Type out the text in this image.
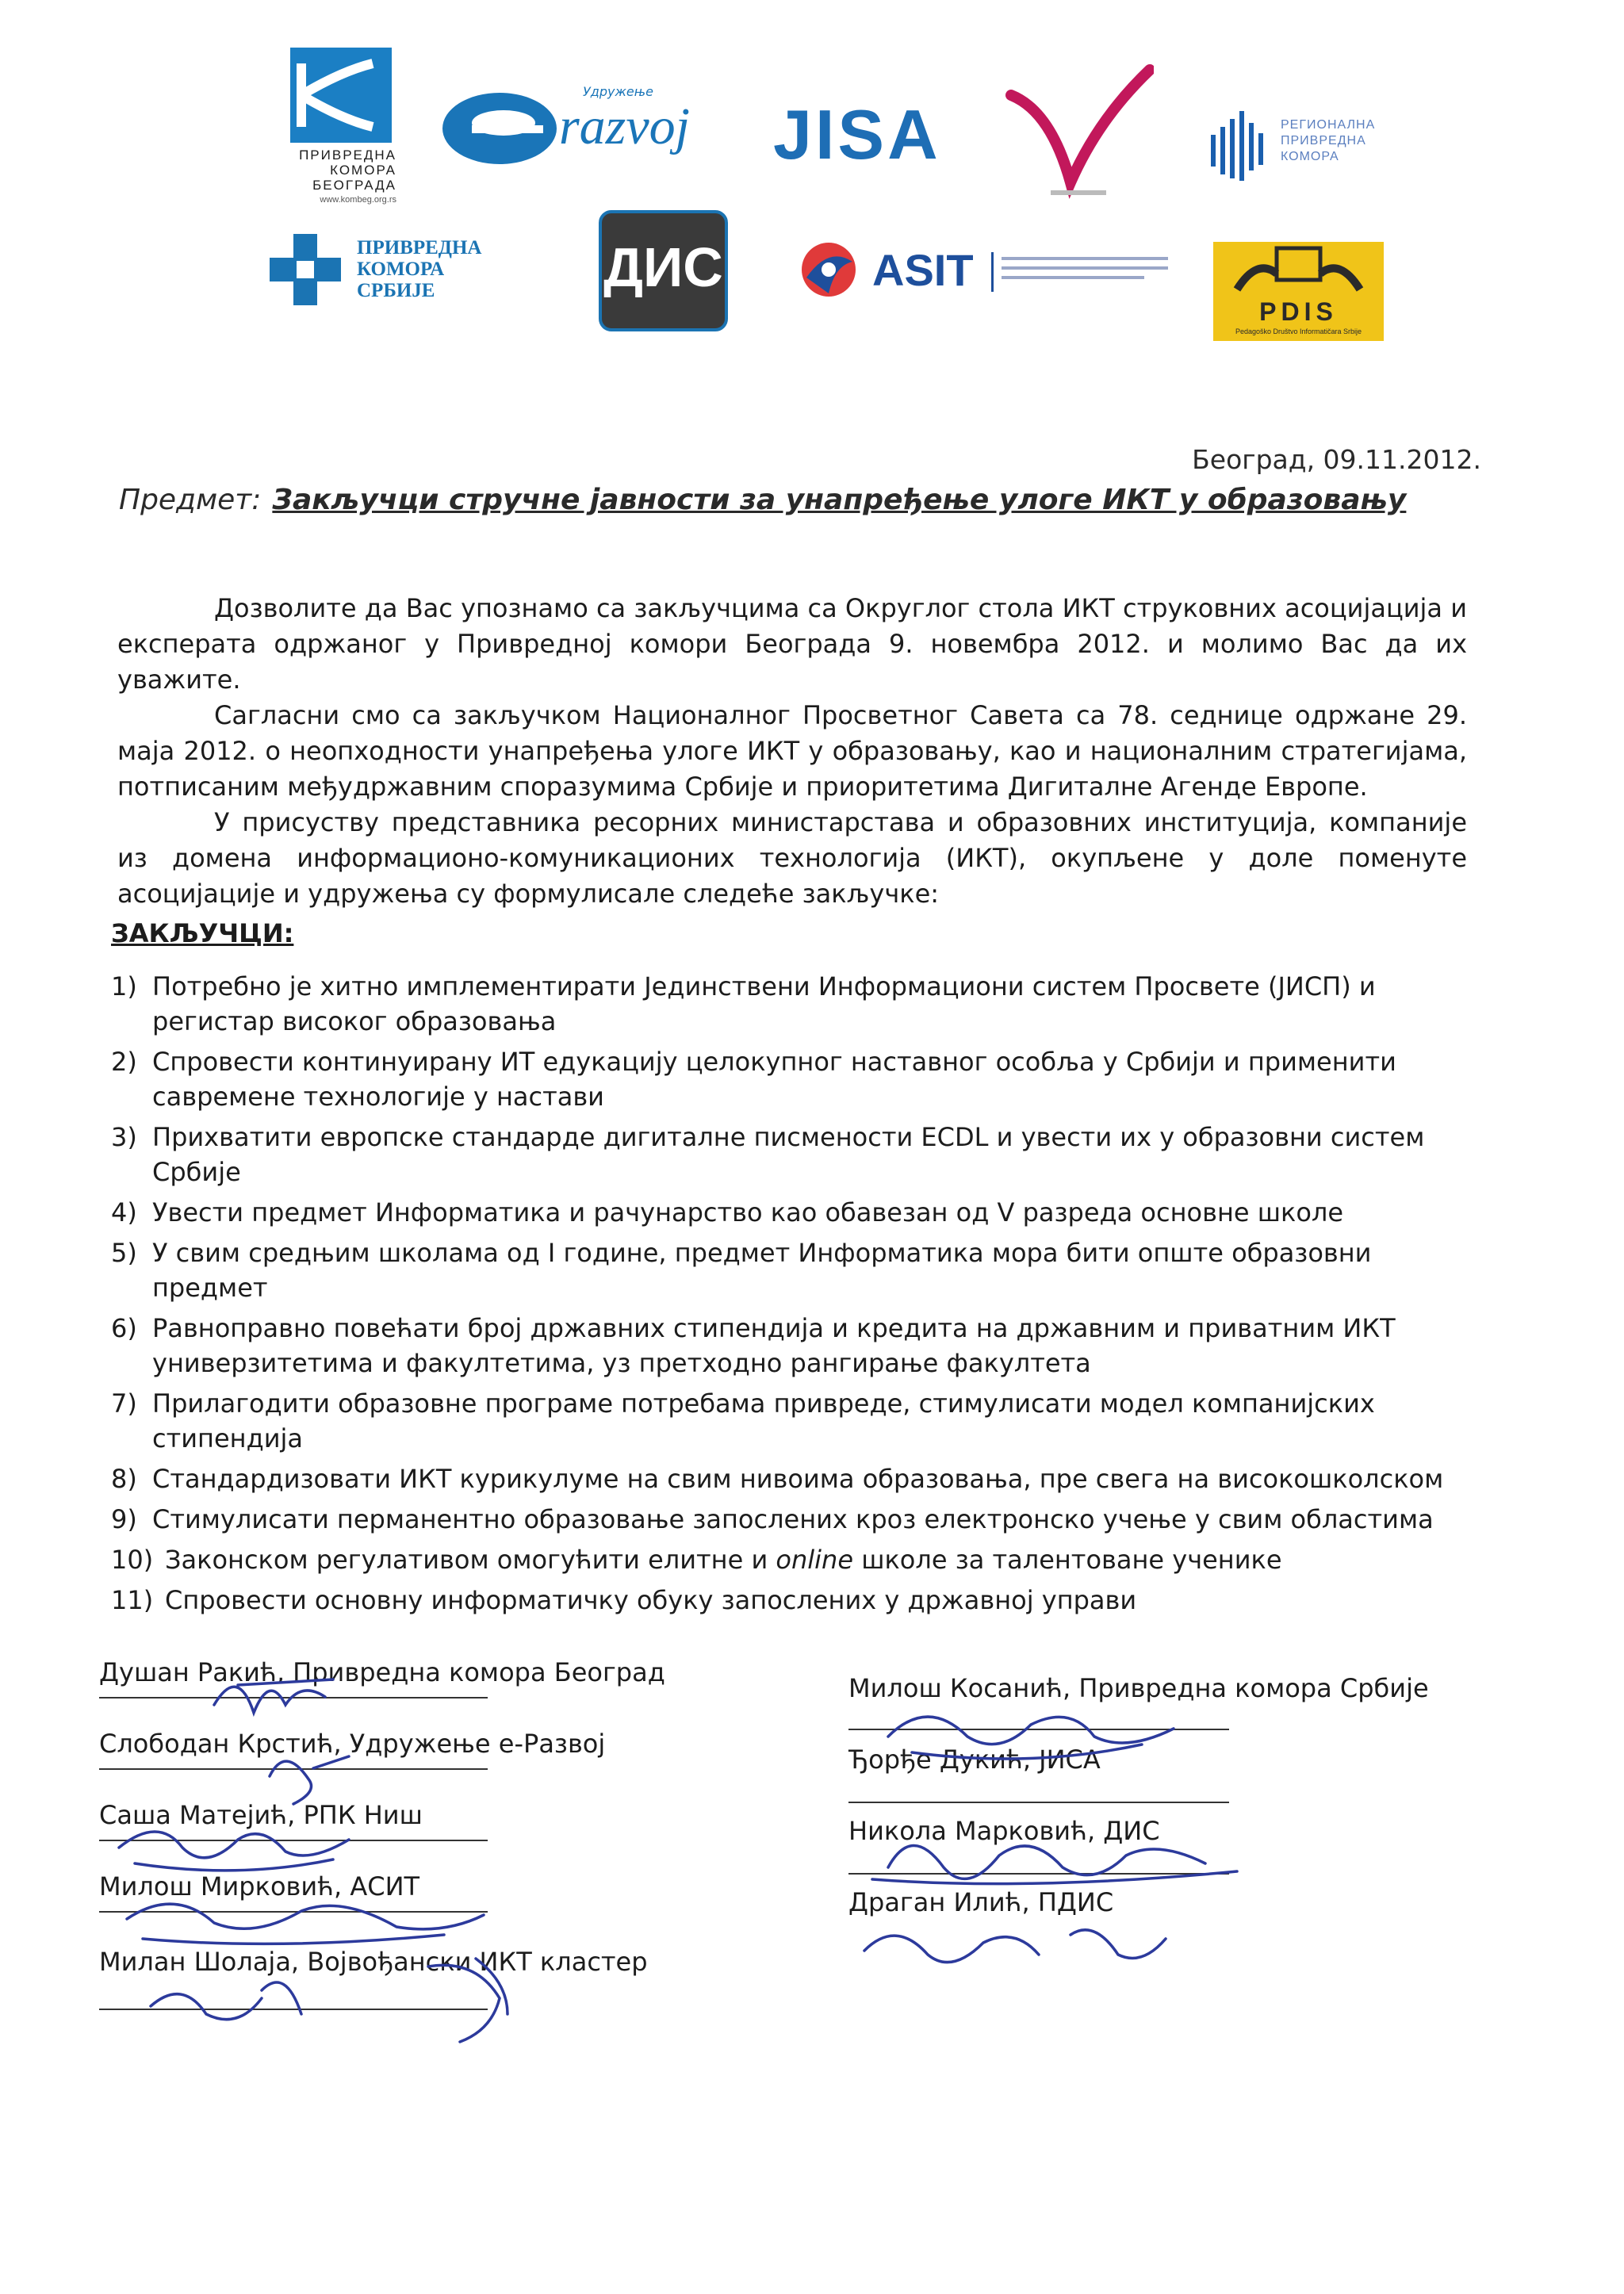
ПРИВРЕДНА КОМОРА БЕОГРАДА
www.kombeg.org.rs
razvoj
Удружење
JISA	РЕГИОНАЛНА ПРИВРЕДНА КОМОРА
ПРИВРЕДНА КОМОРА СРБИЈЕ	ДИС	ASIT
PDIS
Pedagoško Društvo Informatičara Srbije
Београд, 09.11.2012.
Предмет: Закључци стручне јавности за унапређење улоге ИКТ у образовању

Дозволите да Вас упознамо са закључцима са Округлог стола ИКТ струковних асоцијација и експерата одржаног у Привредној комори Београда 9. новембра 2012. и молимо Вас да их уважите.

Сагласни смо са закључком Националног Просветног Савета са 78. седнице одржане 29. маја 2012. о неопходности унапређења улоге ИКТ у образовању, као и националним стратегијама, потписаним међудржавним споразумима Србије и приоритетима Дигиталне Агенде Европе.

У присуству представника ресорних министарстава и образовних институција, компаније из домена информационо-комуникационих технологија (ИКТ), окупљене у доле поменуте асоцијације и удружења су формулисале следеће закључке:

ЗАКЉУЧЦИ:
1) Потребно је хитно имплементирати Јединствени Информациони систем Просвете (ЈИСП) и регистар високог образовања
2) Спровести континуирану ИТ едукацију целокупног наставног особља у Србији и применити савремене технологије у настави
3) Прихватити европске стандарде дигиталне писмености ECDL и увести их у образовни систем Србије
4) Увести предмет Информатика и рачунарство као обавезан од V разреда основне школе
5) У свим средњим школама од I године, предмет Информатика мора бити опште образовни предмет
6) Равноправно повећати број државних стипендија и кредита на државним и приватним ИКТ универзитетима и факултетима, уз претходно рангирање факултета
7) Прилагодити образовне програме потребама привреде, стимулисати модел компанијских стипендија
8) Стандардизовати ИКТ курикулуме на свим нивоима образовања, пре свега на високошколском
9) Стимулисати перманентно образовање запослених кроз електронско учење у свим областима
10) Законском регулативом омогућити елитне и online школе за талентоване ученике
11) Спровести основну информатичку обуку запослених у државној управи
Душан Ракић, Привредна комора Београд
Слободан Крстић, Удружење е-Развој
Саша Матејић, РПК Ниш
Милош Мирковић, АСИТ
Милан Шолаја, Војвођански ИКТ кластер
Милош Косанић, Привредна комора Србије
Ђорђе Дукић, ЈИСА
Никола Марковић, ДИС
Драган Илић, ПДИС
